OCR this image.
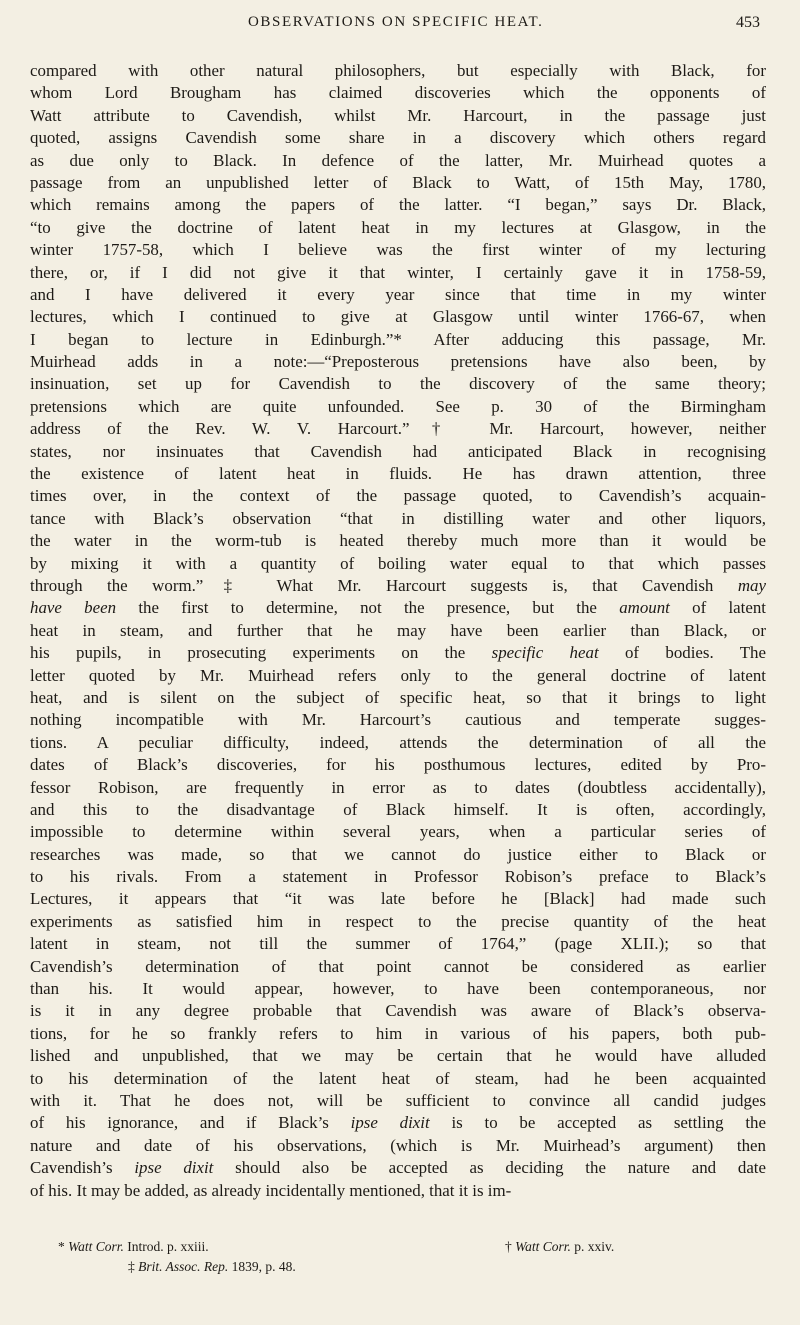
OBSERVATIONS ON SPECIFIC HEAT.	453
compared with other natural philosophers, but especially with Black, for
whom Lord Brougham has claimed discoveries which the opponents of
Watt attribute to Cavendish, whilst Mr. Harcourt, in the passage just
quoted, assigns Cavendish some share in a discovery which others regard
as due only to Black. In defence of the latter, Mr. Muirhead quotes a
passage from an unpublished letter of Black to Watt, of 15th May, 1780,
which remains among the papers of the latter. “I began,” says Dr. Black,
“to give the doctrine of latent heat in my lectures at Glasgow, in the
winter 1757-58, which I believe was the first winter of my lecturing
there, or, if I did not give it that winter, I certainly gave it in 1758-59,
and I have delivered it every year since that time in my winter
lectures, which I continued to give at Glasgow until winter 1766-67, when
I began to lecture in Edinburgh.”* After adducing this passage, Mr.
Muirhead adds in a note:—“Preposterous pretensions have also been, by
insinuation, set up for Cavendish to the discovery of the same theory;
pretensions which are quite unfounded. See p. 30 of the Birmingham
address of the Rev. W. V. Harcourt.”† Mr. Harcourt, however, neither
states, nor insinuates that Cavendish had anticipated Black in recognising
the existence of latent heat in fluids. He has drawn attention, three
times over, in the context of the passage quoted, to Cavendish’s acquain-
tance with Black’s observation “that in distilling water and other liquors,
the water in the worm-tub is heated thereby much more than it would be
by mixing it with a quantity of boiling water equal to that which passes
through the worm.”‡ What Mr. Harcourt suggests is, that Cavendish may
have been the first to determine, not the presence, but the amount of latent
heat in steam, and further that he may have been earlier than Black, or
his pupils, in prosecuting experiments on the specific heat of bodies. The
letter quoted by Mr. Muirhead refers only to the general doctrine of latent
heat, and is silent on the subject of specific heat, so that it brings to light
nothing incompatible with Mr. Harcourt’s cautious and temperate sugges-
tions. A peculiar difficulty, indeed, attends the determination of all the
dates of Black’s discoveries, for his posthumous lectures, edited by Pro-
fessor Robison, are frequently in error as to dates (doubtless accidentally),
and this to the disadvantage of Black himself. It is often, accordingly,
impossible to determine within several years, when a particular series of
researches was made, so that we cannot do justice either to Black or
to his rivals. From a statement in Professor Robison’s preface to Black’s
Lectures, it appears that “it was late before he [Black] had made such
experiments as satisfied him in respect to the precise quantity of the heat
latent in steam, not till the summer of 1764,” (page XLII.); so that
Cavendish’s determination of that point cannot be considered as earlier
than his. It would appear, however, to have been contemporaneous, nor
is it in any degree probable that Cavendish was aware of Black’s observa-
tions, for he so frankly refers to him in various of his papers, both pub-
lished and unpublished, that we may be certain that he would have alluded
to his determination of the latent heat of steam, had he been acquainted
with it. That he does not, will be sufficient to convince all candid judges
of his ignorance, and if Black’s ipse dixit is to be accepted as settling the
nature and date of his observations, (which is Mr. Muirhead’s argument) then
Cavendish’s ipse dixit should also be accepted as deciding the nature and date
of his. It may be added, as already incidentally mentioned, that it is im-
* Watt Corr. Introd. p. xxiii.	† Watt Corr. p. xxiv.
‡ Brit. Assoc. Rep. 1839, p. 48.
